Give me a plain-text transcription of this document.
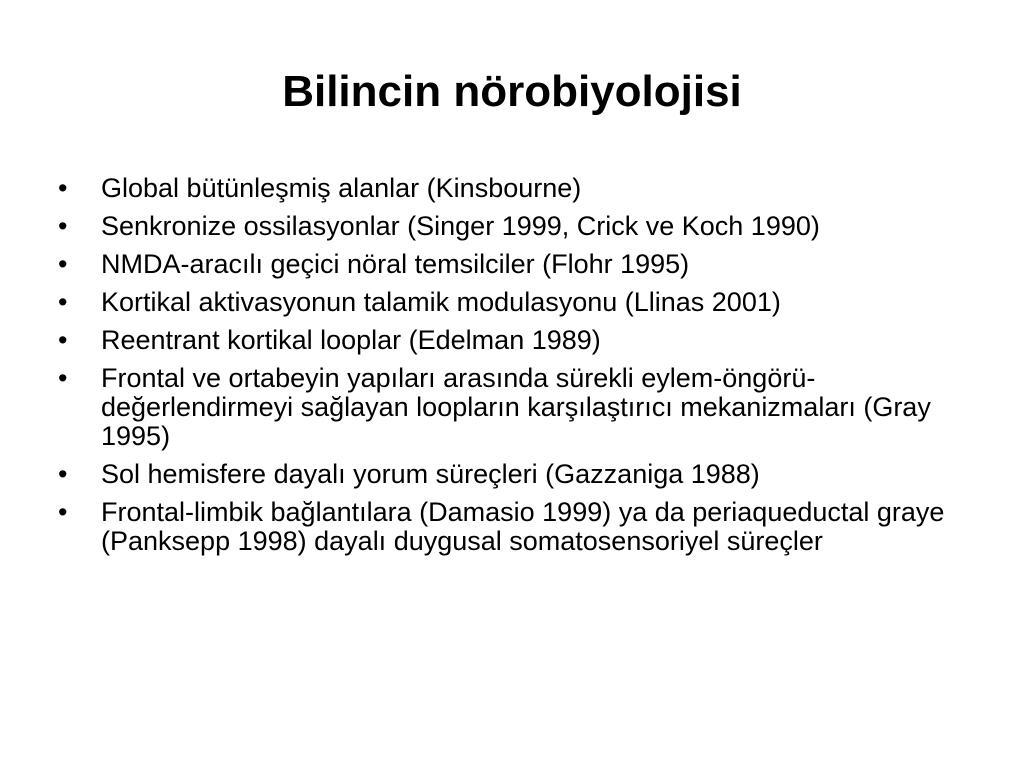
Bilincin nörobiyolojisi
•	Global bütünleşmiş alanlar (Kinsbourne)
•	Senkronize ossilasyonlar (Singer 1999, Crick ve Koch 1990)
•	NMDA-aracılı geçici nöral temsilciler (Flohr 1995)
•	Kortikal aktivasyonun talamik modulasyonu (Llinas 2001)
•	Reentrant kortikal looplar (Edelman 1989)
•	Frontal ve ortabeyin yapıları arasında sürekli eylem-öngörü- değerlendirmeyi sağlayan loopların karşılaştırıcı mekanizmaları (Gray 1995)
•	Sol hemisfere dayalı yorum süreçleri (Gazzaniga 1988)
•	Frontal-limbik bağlantılara (Damasio 1999) ya da periaqueductal graye (Panksepp 1998) dayalı duygusal somatosensoriyel süreçler
